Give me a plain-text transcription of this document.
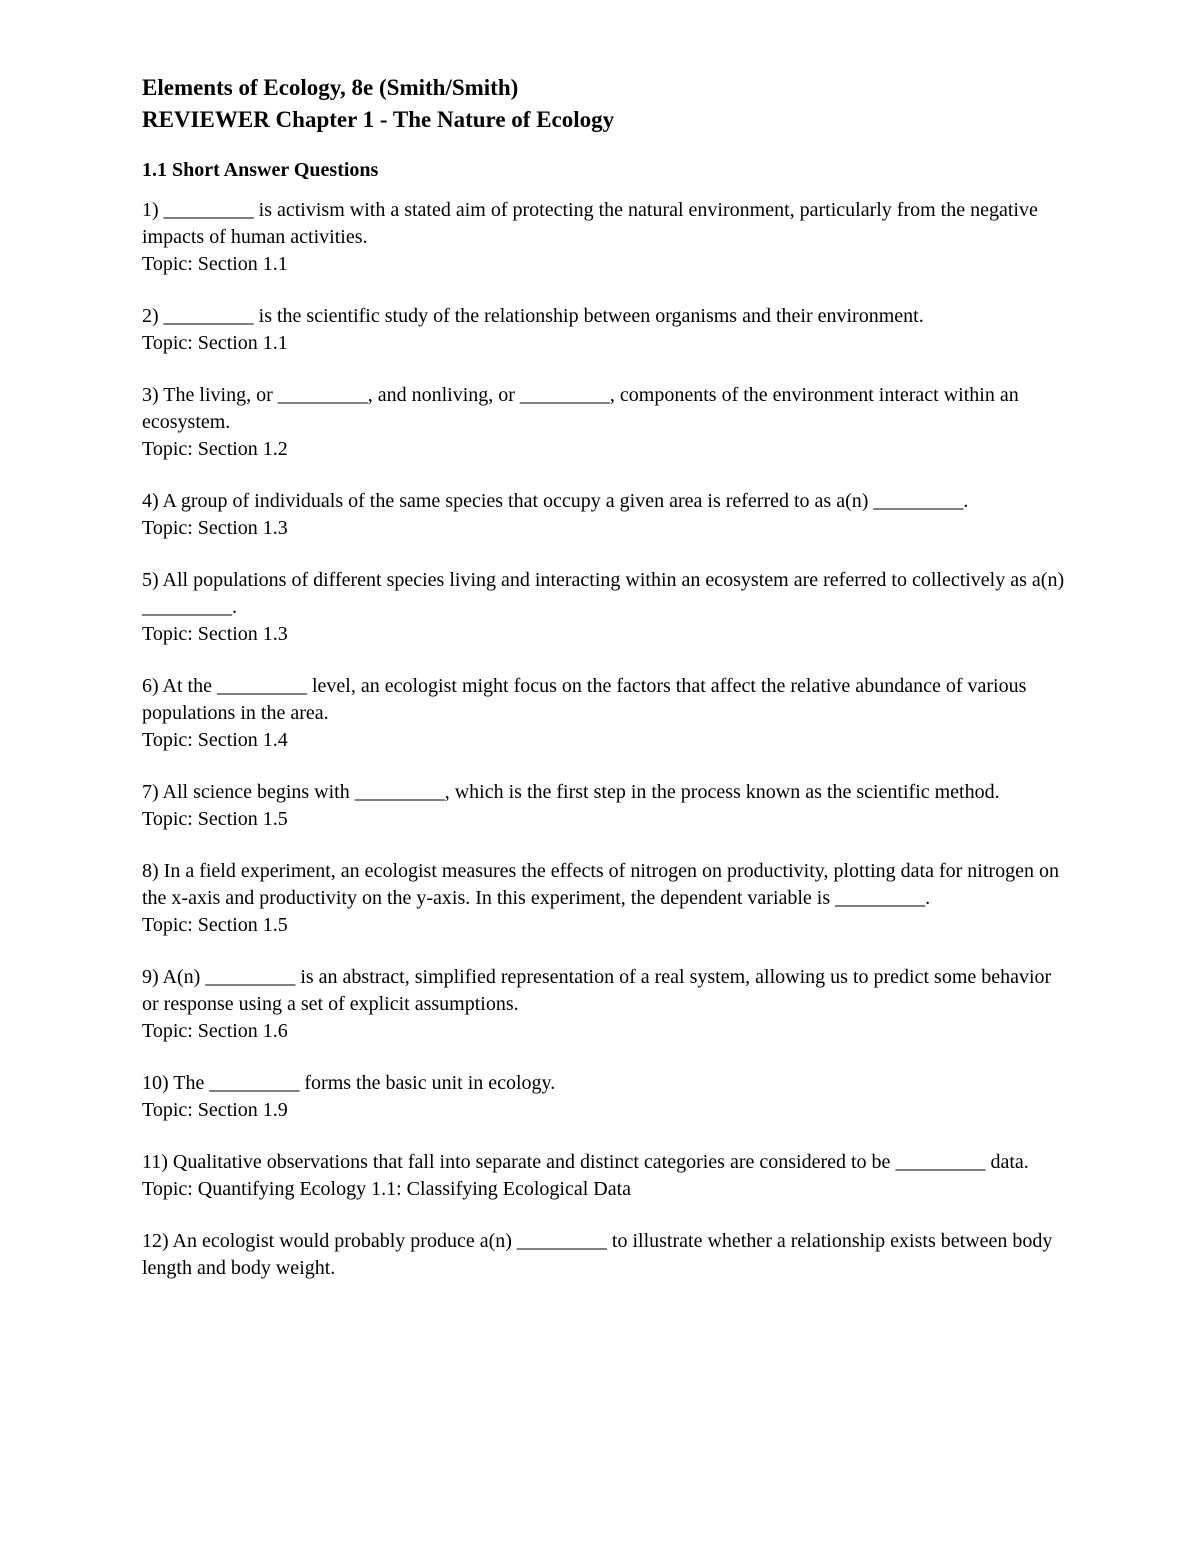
Elements of Ecology, 8e (Smith/Smith)
REVIEWER Chapter 1 - The Nature of Ecology
1.1 Short Answer Questions
1) _________ is activism with a stated aim of protecting the natural environment, particularly from the negative impacts of human activities.
Topic: Section 1.1
2) _________ is the scientific study of the relationship between organisms and their environment.
Topic: Section 1.1
3) The living, or _________, and nonliving, or _________, components of the environment interact within an ecosystem.
Topic: Section 1.2
4) A group of individuals of the same species that occupy a given area is referred to as a(n) _________.
Topic: Section 1.3
5) All populations of different species living and interacting within an ecosystem are referred to collectively as a(n) _________.
Topic: Section 1.3
6) At the _________ level, an ecologist might focus on the factors that affect the relative abundance of various populations in the area.
Topic: Section 1.4
7) All science begins with _________, which is the first step in the process known as the scientific method.
Topic: Section 1.5
8) In a field experiment, an ecologist measures the effects of nitrogen on productivity, plotting data for nitrogen on the x-axis and productivity on the y-axis. In this experiment, the dependent variable is _________.
Topic: Section 1.5
9) A(n) _________ is an abstract, simplified representation of a real system, allowing us to predict some behavior or response using a set of explicit assumptions.
Topic: Section 1.6
10) The _________ forms the basic unit in ecology.
Topic: Section 1.9
11) Qualitative observations that fall into separate and distinct categories are considered to be _________ data.
Topic: Quantifying Ecology 1.1: Classifying Ecological Data
12) An ecologist would probably produce a(n) _________ to illustrate whether a relationship exists between body length and body weight.
